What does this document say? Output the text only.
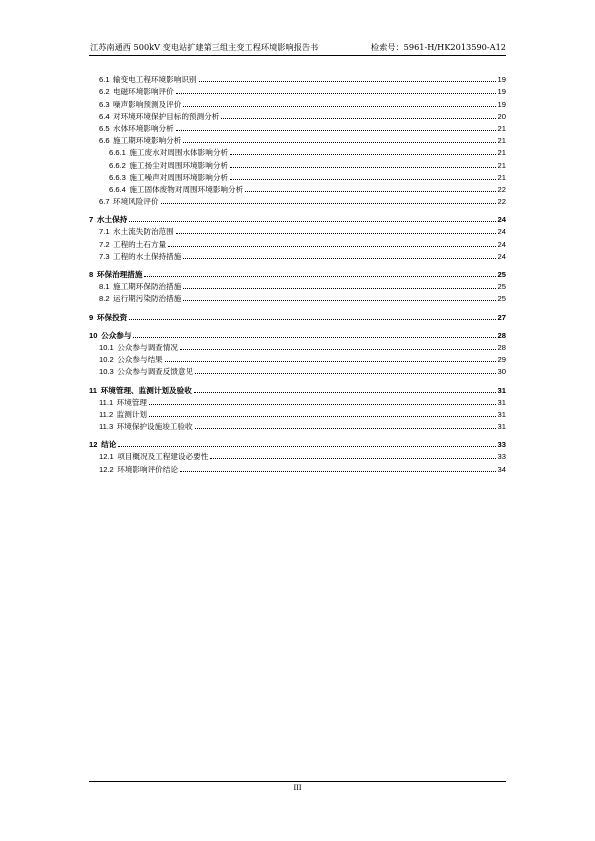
江苏南通西 500kV 变电站扩建第三组主变工程环境影响报告书	检索号：5961-H/HK2013590-A12
6.1 输变电工程环境影响识别	19
6.2 电磁环境影响评价	19
6.3 噪声影响预测及评价	19
6.4 对环境环境保护目标的预测分析	20
6.5 水体环境影响分析	21
6.6 施工期环境影响分析	21
6.6.1 施工废水对周围水体影响分析	21
6.6.2 施工扬尘对周围环境影响分析	21
6.6.3 施工噪声对周围环境影响分析	21
6.6.4 施工固体废物对周围环境影响分析	22
6.7 环境风险评价	22
7 水土保持	24
7.1 水土流失防治范围	24
7.2 工程的土石方量	24
7.3 工程的水土保持措施	24
8 环保治理措施	25
8.1 施工期环保防治措施	25
8.2 运行期污染防治措施	25
9 环保投资	27
10 公众参与	28
10.1 公众参与调查情况	28
10.2 公众参与结果	29
10.3 公众参与调查反馈意见	30
11 环境管理、监测计划及验收	31
11.1 环境管理	31
11.2 监测计划	31
11.3 环境保护设施竣工验收	31
12 结论	33
12.1 项目概况及工程建设必要性	33
12.2 环境影响评价结论	34
III
